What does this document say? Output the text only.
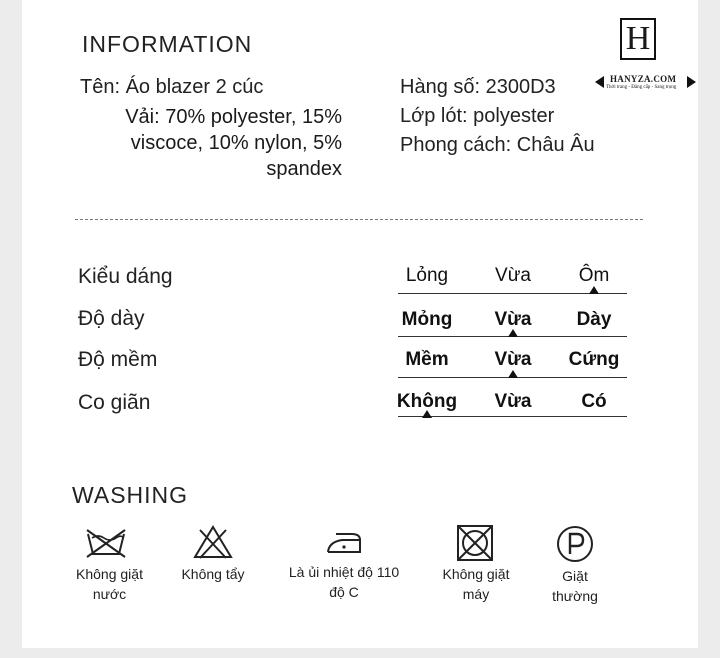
INFORMATION
Tên: Áo blazer 2 cúc
Vải: 70% polyester, 15% viscoce, 10% nylon, 5% spandex
Hàng số: 2300D3
Lớp lót: polyester
Phong cách: Châu Âu
H
HANYZA.COM
Thời trang - Đẳng cấp - Sang trọng
Kiểu dáng	Lỏng	Vừa	Ôm
Độ dày	Mỏng	Vừa	Dày
Độ mềm	Mềm	Vừa	Cứng
Co giãn	Không	Vừa	Có
WASHING
Không giặt nước
Không tẩy	Là ủi nhiệt độ 110 độ C
Không giặt máy
Giặt thường
